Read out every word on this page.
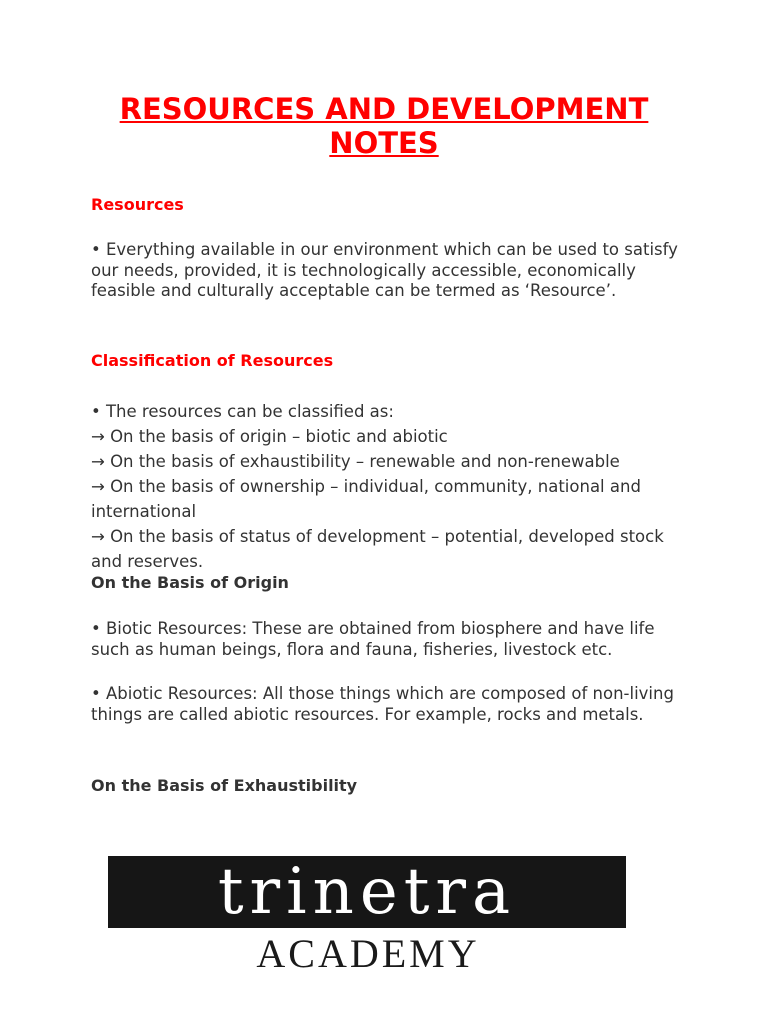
RESOURCES AND DEVELOPMENT
NOTES
Resources

• Everything available in our environment which can be used to satisfy our needs, provided, it is technologically accessible, economically feasible and culturally acceptable can be termed as ‘Resource’.

Classification of Resources
• The resources can be classified as:
→ On the basis of origin – biotic and abiotic
→ On the basis of exhaustibility – renewable and non-renewable
→ On the basis of ownership – individual, community, national and international
→ On the basis of status of development – potential, developed stock and reserves.
On the Basis of Origin

• Biotic Resources: These are obtained from biosphere and have life such as human beings, flora and fauna, fisheries, livestock etc.

• Abiotic Resources: All those things which are composed of non-living things are called abiotic resources. For example, rocks and metals.

On the Basis of Exhaustibility
trinetra
ACADEMY
